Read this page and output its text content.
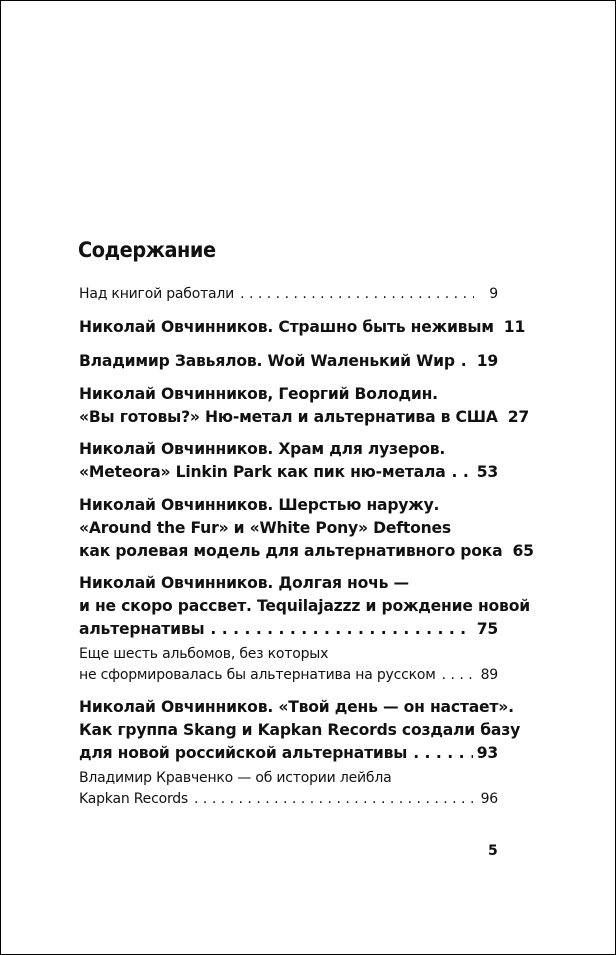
Содержание
Над книгой работали . . .	9
Николай Овчинников. Страшно быть неживым 11
Владимир Завьялов. Woй Waленький Wир . . . 19
Николай Овчинников, Георгий Володин.
«Вы готовы?» Ню-метал и альтернатива в США 27
Николай Овчинников. Храм для лузеров.
«Meteora» Linkin Park как пик ню-метала . . . 53
Николай Овчинников. Шерстью наружу.
«Around the Fur» и «White Pony» Deftones
как ролевая модель для альтернативного рока 65
Николай Овчинников. Долгая ночь —
и не скоро рассвет. Tequilajazzz и рождение новой
альтернативы . . .	75
Еще шесть альбомов, без которых
не сформировалась бы альтернатива на русском . . .	89
Николай Овчинников. «Твой день — он настает».
Как группа Skang и Kapkan Records создали базу
для новой российской альтернативы . . .	93
Владимир Кравченко — об истории лейбла
Kapkan Records . . .	96
5
